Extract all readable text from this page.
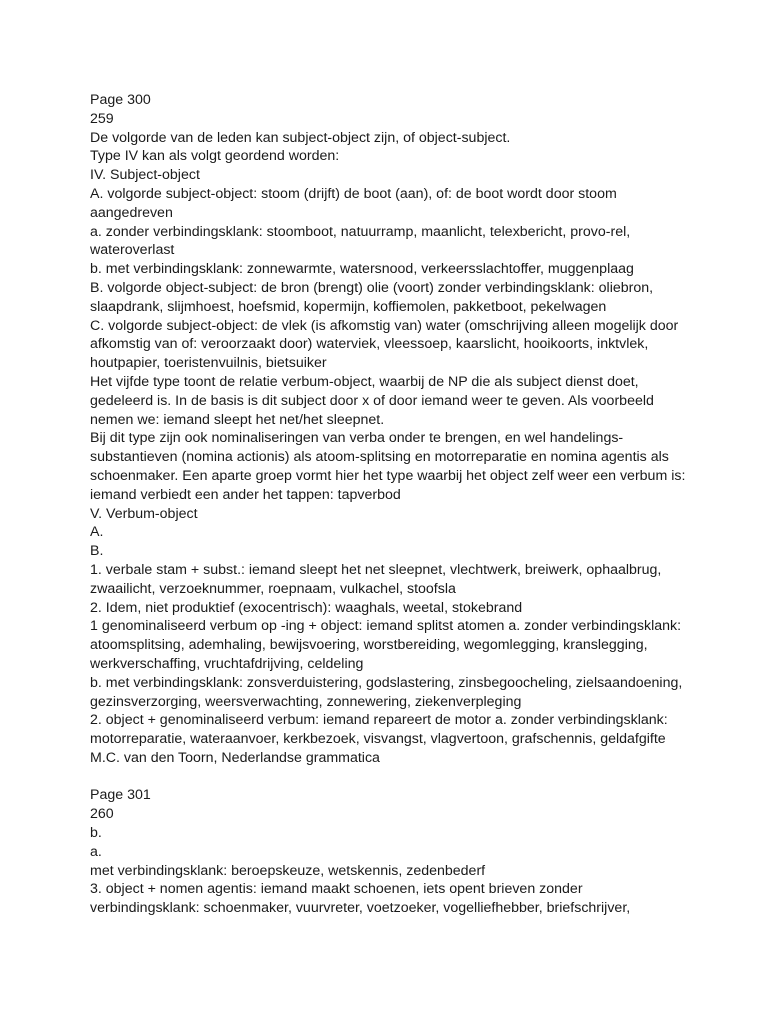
Page 300
259
De volgorde van de leden kan subject-object zijn, of object-subject.
Type IV kan als volgt geordend worden:
IV. Subject-object
A. volgorde subject-object: stoom (drijft) de boot (aan), of: de boot wordt door stoom
aangedreven
a. zonder verbindingsklank: stoomboot, natuurramp, maanlicht, telexbericht, provo-rel,
wateroverlast
b. met verbindingsklank: zonnewarmte, watersnood, verkeersslachtoffer, muggenplaag
B. volgorde object-subject: de bron (brengt) olie (voort) zonder verbindingsklank: oliebron,
slaapdrank, slijmhoest, hoefsmid, kopermijn, koffiemolen, pakketboot, pekelwagen
C. volgorde subject-object: de vlek (is afkomstig van) water (omschrijving alleen mogelijk door
afkomstig van of: veroorzaakt door) waterviek, vleessoep, kaarslicht, hooikoorts, inktvlek,
houtpapier, toeristenvuilnis, bietsuiker
Het vijfde type toont de relatie verbum-object, waarbij de NP die als subject dienst doet,
gedeleerd is. In de basis is dit subject door x of door iemand weer te geven. Als voorbeeld
nemen we: iemand sleept het net/het sleepnet.
Bij dit type zijn ook nominaliseringen van verba onder te brengen, en wel handelings-
substantieven (nomina actionis) als atoom-splitsing en motorreparatie en nomina agentis als
schoenmaker. Een aparte groep vormt hier het type waarbij het object zelf weer een verbum is:
iemand verbiedt een ander het tappen: tapverbod
V. Verbum-object
A.
B.
1. verbale stam + subst.: iemand sleept het net sleepnet, vlechtwerk, breiwerk, ophaalbrug,
zwaailicht, verzoeknummer, roepnaam, vulkachel, stoofsla
2. Idem, niet produktief (exocentrisch): waaghals, weetal, stokebrand
1 genominaliseerd verbum op -ing + object: iemand splitst atomen a. zonder verbindingsklank:
atoomsplitsing, ademhaling, bewijsvoering, worstbereiding, wegomlegging, kranslegging,
werkverschaffing, vruchtafdrijving, celdeling
b. met verbindingsklank: zonsverduistering, godslastering, zinsbegoocheling, zielsaandoening,
gezinsverzorging, weersverwachting, zonnewering, ziekenverpleging
2. object + genominaliseerd verbum: iemand repareert de motor a. zonder verbindingsklank:
motorreparatie, wateraanvoer, kerkbezoek, visvangst, vlagvertoon, grafschennis, geldafgifte
M.C. van den Toorn, Nederlandse grammatica
Page 301
260
b.
a.
met verbindingsklank: beroepskeuze, wetskennis, zedenbederf
3. object + nomen agentis: iemand maakt schoenen, iets opent brieven zonder
verbindingsklank: schoenmaker, vuurvreter, voetzoeker, vogelliefhebber, briefschrijver,
